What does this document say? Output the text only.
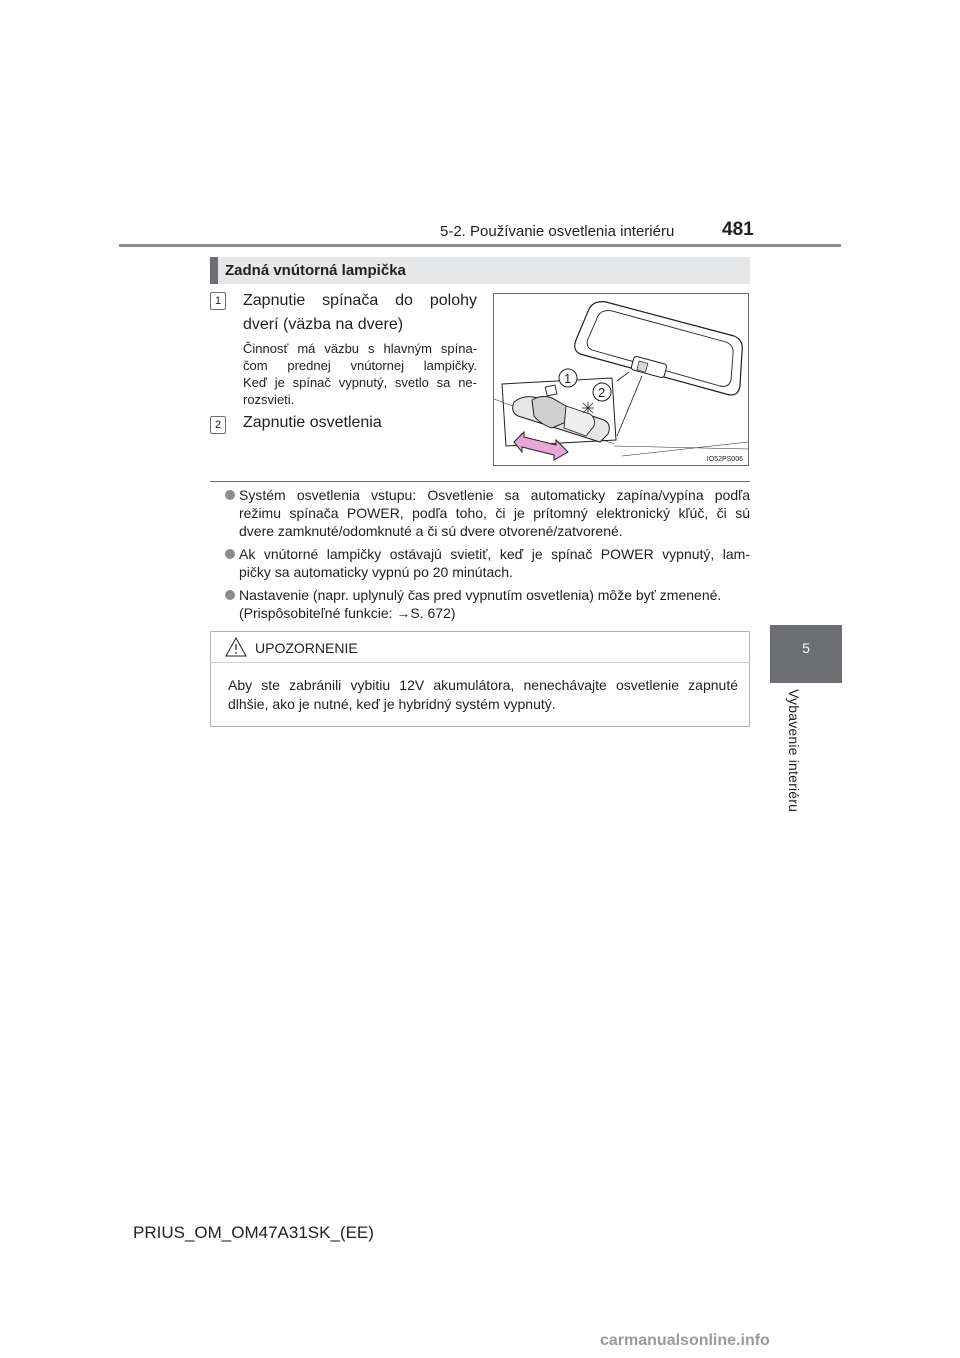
5-2. Používanie osvetlenia interiéru	481
5
Vybavenie interiéru
Zadná vnútorná lampička
1	Zapnutie spínača do polohy
dverí (väzba na dvere)
Činnosť má väzbu s hlavným spína-
čom prednej vnútornej lampičky.
Keď je spínač vypnutý, svetlo sa ne-
rozsvieti.
2	Zapnutie osvetlenia
1
2
IO52PS006
Systém osvetlenia vstupu: Osvetlenie sa automaticky zapína/vypína podľa
režimu spínača POWER, podľa toho, či je prítomný elektronický kľúč, či sú
dvere zamknuté/odomknuté a či sú dvere otvorené/zatvorené.
Ak vnútorné lampičky ostávajú svietiť, keď je spínač POWER vypnutý, lam-
pičky sa automaticky vypnú po 20 minútach.
Nastavenie (napr. uplynulý čas pred vypnutím osvetlenia) môže byť zmenené.
(Prispôsobiteľné funkcie: →S. 672)
UPOZORNENIE
Aby ste zabránili vybitiu 12V akumulátora, nenechávajte osvetlenie zapnuté
dlhšie, ako je nutné, keď je hybridný systém vypnutý.
PRIUS_OM_OM47A31SK_(EE)
carmanualsonline.info
